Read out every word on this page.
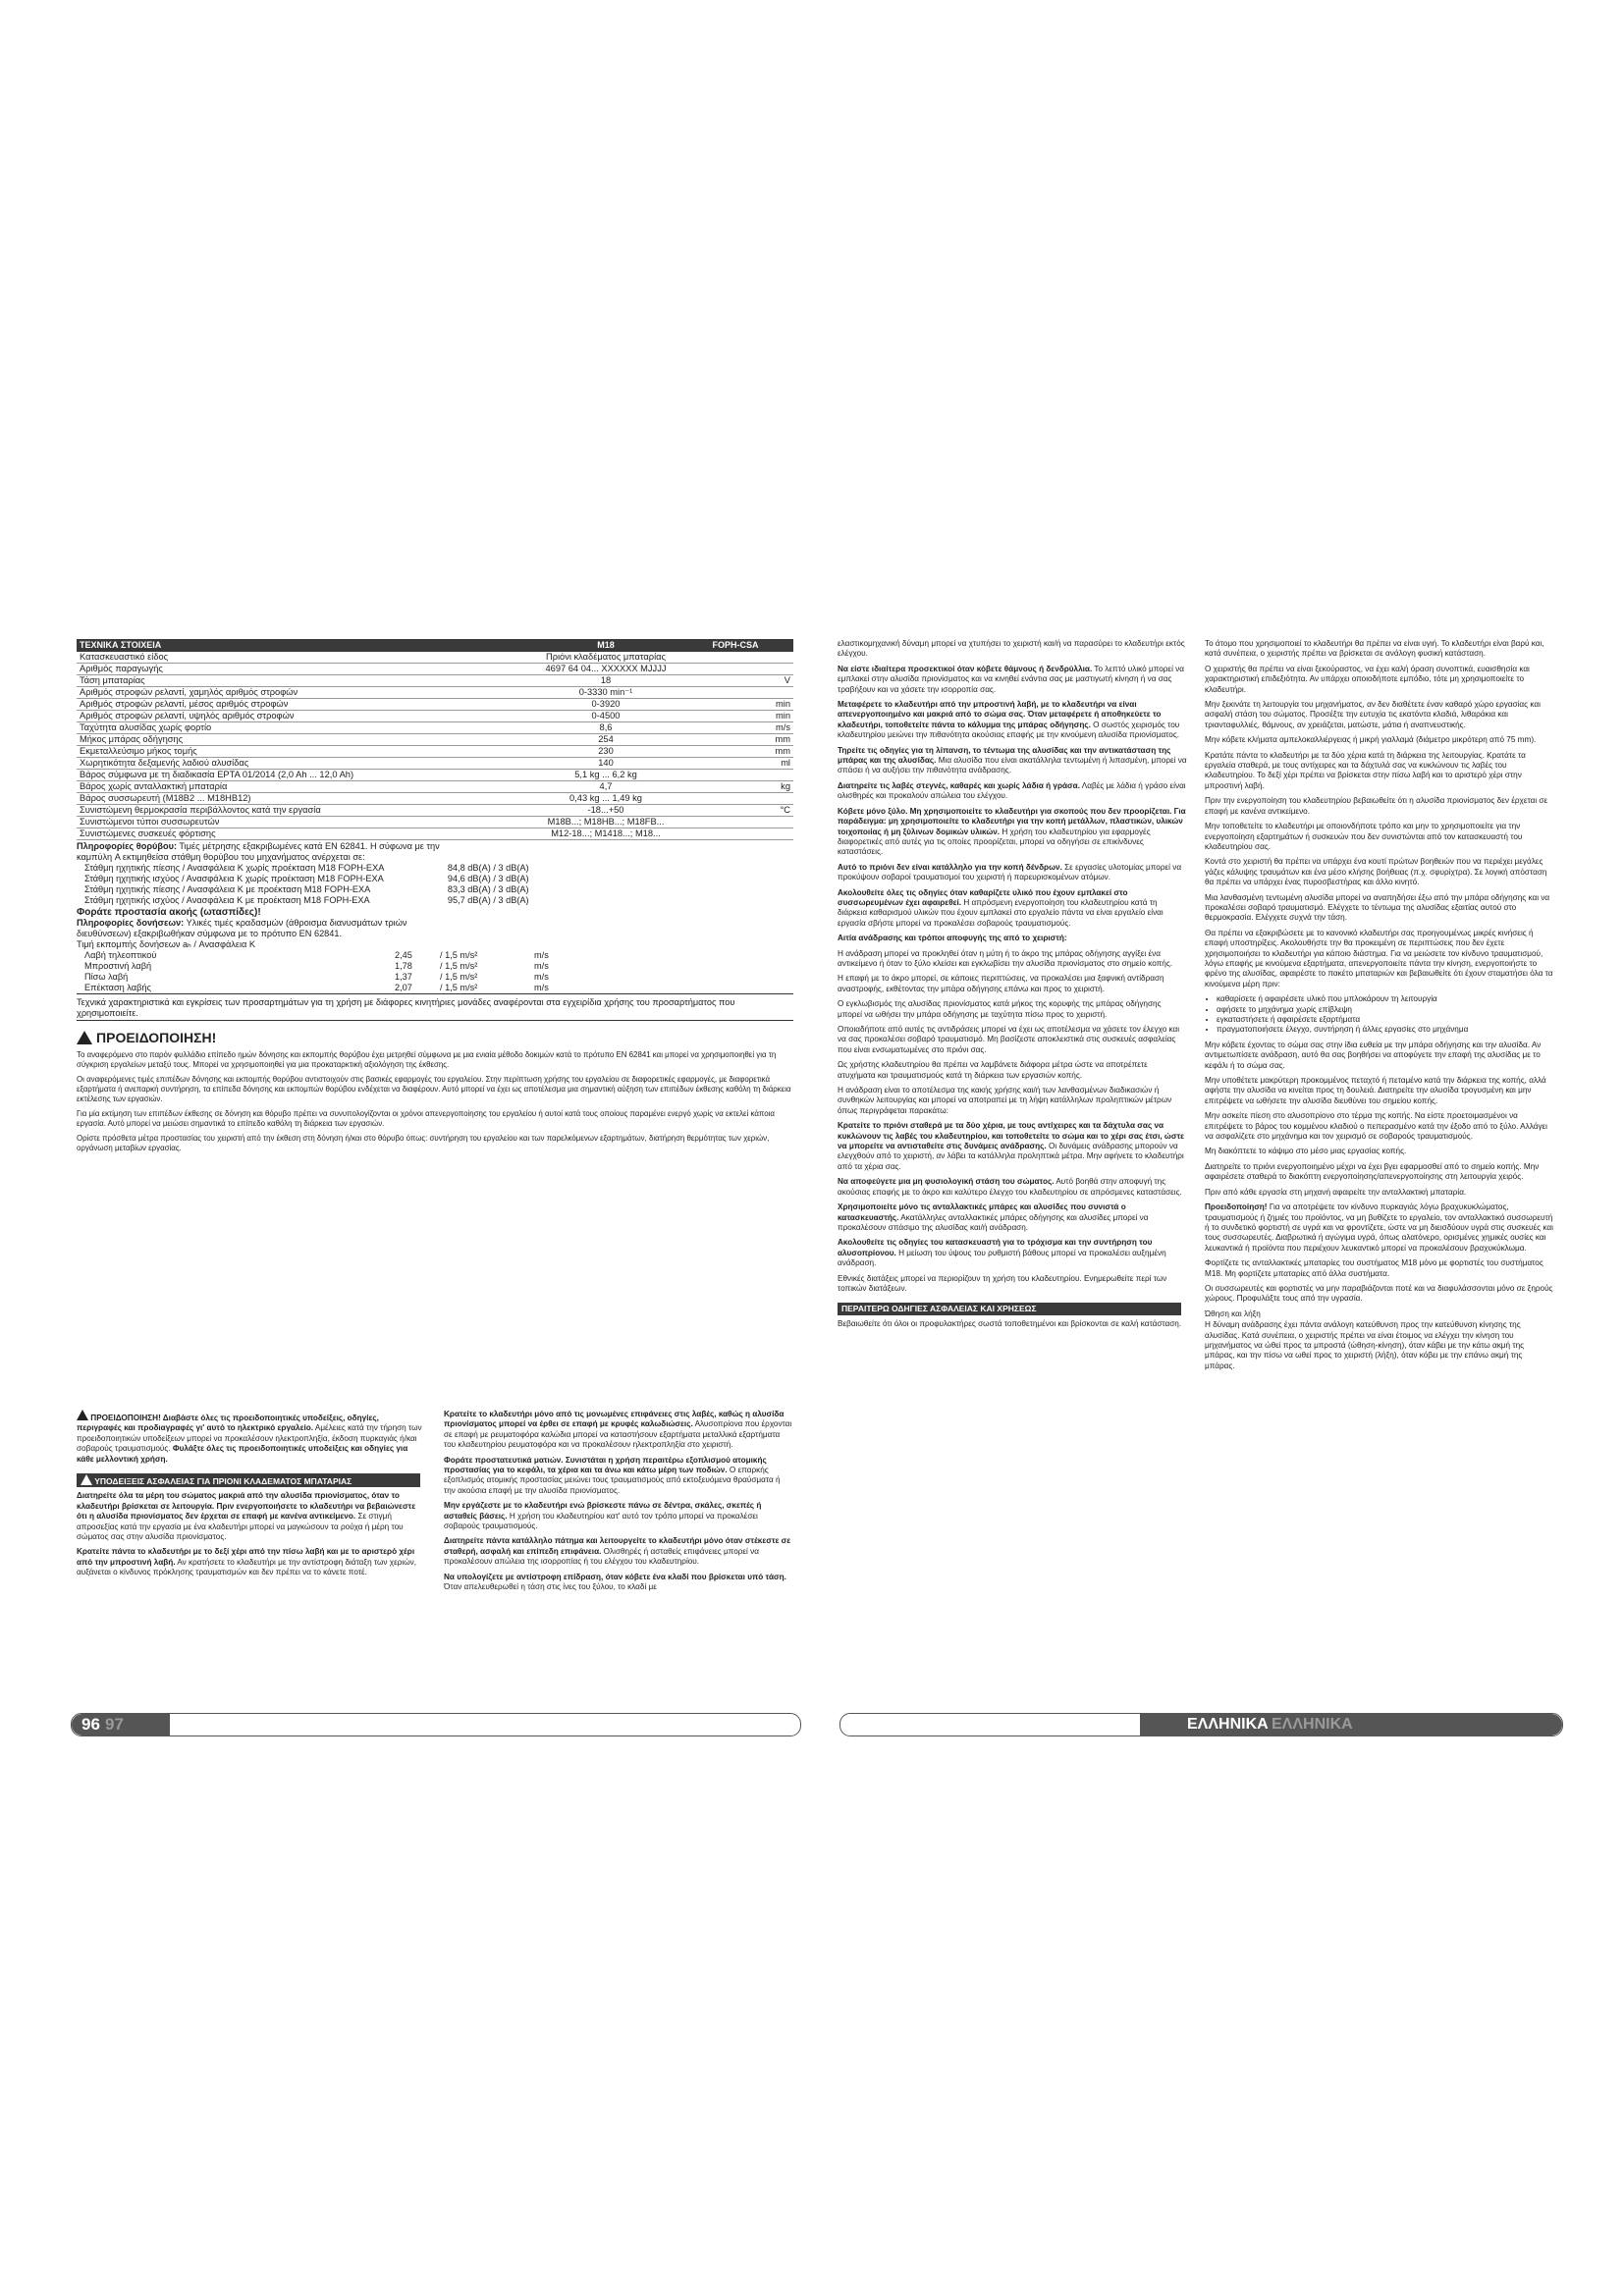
ΤΕΧΝΙΚΑ ΣΤΟΙΧΕΙΑ	M18	FOPH-CSA
Κατασκευαστικό είδος	Πριόνι κλαδέματος μπαταρίας	
Αριθμός παραγωγής	4697 64 04... XXXXXX MJJJJ	
Τάση μπαταρίας	18	V
Αριθμός στροφών ρελαντί, χαμηλός αριθμός στροφών	0-3330 min⁻¹	
Αριθμός στροφών ρελαντί, μέσος αριθμός στροφών	0-3920	min
Αριθμός στροφών ρελαντί, υψηλός αριθμός στροφών	0-4500	min
Ταχύτητα αλυσίδας χωρίς φορτίο	8,6	m/s
Μήκος μπάρας οδήγησης	254	mm
Εκμεταλλεύσιμο μήκος τομής	230	mm
Χωρητικότητα δεξαμενής λαδιού αλυσίδας	140	ml
Βάρος σύμφωνα με τη διαδικασία EPTA 01/2014 (2,0 Ah ... 12,0 Ah)	5,1 kg ... 6,2 kg	
Βάρος χωρίς ανταλλακτική μπαταρία	4,7	kg
Βάρος συσσωρευτή (M18B2 ... M18HB12)	0,43 kg ... 1,49 kg	
Συνιστώμενη θερμοκρασία περιβάλλοντος κατά την εργασία	-18...+50	°C
Συνιστώμενοι τύποι συσσωρευτών	M18B...; M18HB...; M18FB...	
Συνιστώμενες συσκευές φόρτισης	M12-18...; M1418...; M18...	
Πληροφορίες θορύβου: Τιμές μέτρησης εξακριβωμένες κατά EN 62841. Η σύφωνα με την καμπύλη A εκτιμηθείσα στάθμη θορύβου του μηχανήματος ανέρχεται σε:
Στάθμη ηχητικής πίεσης / Ανασφάλεια K χωρίς προέκταση M18 FOPH-EXA	84,8 dB(A) / 3 dB(A)
Στάθμη ηχητικής ισχύος / Ανασφάλεια K χωρίς προέκταση M18 FOPH-EXA	94,6 dB(A) / 3 dB(A)
Στάθμη ηχητικής πίεσης / Ανασφάλεια K με προέκταση M18 FOPH-EXA	83,3 dB(A) / 3 dB(A)
Στάθμη ηχητικής ισχύος / Ανασφάλεια K με προέκταση M18 FOPH-EXA	95,7 dB(A) / 3 dB(A)
Φοράτε προστασία ακοής (ωτασπίδες)!
Πληροφορίες δονήσεων: Υλικές τιμές κραδασμών (άθροισμα διανυσμάτων τριών διευθύνσεων) εξακριβωθήκαν σύμφωνα με το πρότυπο EN 62841.
Τιμή εκπομπής δονήσεων aₕ / Ανασφάλεια K
Λαβή τηλεοπτικού	2,45	/ 1,5 m/s²	m/s
Μπροστινή λαβή	1,78	/ 1,5 m/s²	m/s
Πίσω λαβή	1,37	/ 1,5 m/s²	m/s
Επέκταση λαβής	2,07	/ 1,5 m/s²	m/s
Τεχνικά χαρακτηριστικά και εγκρίσεις των προσαρτημάτων για τη χρήση με διάφορες κινητήριες μονάδες αναφέρονται στα εγχειρίδια χρήσης του προσαρτήματος που χρησιμοποιείτε.
ΠΡΟΕΙΔΟΠΟΙΗΣΗ!

Το αναφερόμενο στο παρόν φυλλάδιο επίπεδο ημών δόνησης και εκπομπής θορύβου έχει μετρηθεί σύμφωνα με μια ενιαία μέθοδο δοκιμών κατά το πρότυπο EN 62841 και μπορεί να χρησιμοποιηθεί για τη σύγκριση εργαλείων μεταξύ τους. Μπορεί να χρησιμοποιηθεί για μια προκαταρκτική αξιολόγηση της έκθεσης.

Οι αναφερόμενες τιμές επιπέδων δόνησης και εκπομπής θορύβου αντιστοιχούν στις βασικές εφαρμογές του εργαλείου. Στην περίπτωση χρήσης του εργαλείου σε διαφορετικές εφαρμογές, με διαφορετικά εξαρτήματα ή ανεπαρκή συντήρηση, τα επίπεδα δόνησης και εκπομπών θορύβου ενδέχεται να διαφέρουν. Αυτό μπορεί να έχει ως αποτέλεσμα μια σημαντική αύξηση των επιπέδων έκθεσης καθόλη τη διάρκεια εκτέλεσης των εργασιών.

Για μία εκτίμηση των επιπέδων έκθεσης σε δόνηση και θόρυβο πρέπει να συνυπολογίζονται οι χρόνοι απενεργοποίησης του εργαλείου ή αυτοί κατά τους οποίους παραμένει ενεργό χωρίς να εκτελεί κάποια εργασία. Αυτό μπορεί να μειώσει σημαντικά το επίπεδο καθόλη τη διάρκεια των εργασιών.

Ορίστε πρόσθετα μέτρα προστασίας του χειριστή από την έκθεση στη δόνηση ή/και στο θόρυβο όπως: συντήρηση του εργαλείου και των παρελκόμενων εξαρτημάτων, διατήρηση θερμότητας των χεριών, οργάνωση μεταβίων εργασίας.

ΠΡΟΕΙΔΟΠΟΙΗΣΗ! Διαβάστε όλες τις προειδοποιητικές υποδείξεις, οδηγίες, περιγραφές και προδιαγραφές γι' αυτό το ηλεκτρικό εργαλείο. Αμέλειες κατά την τήρηση των προειδοποιητικών υποδείξεων μπορεί να προκαλέσουν ηλεκτροπληξία, έκδοση πυρκαγιάς ή/και σοβαρούς τραυματισμούς. Φυλάξτε όλες τις προειδοποιητικές υποδείξεις και οδηγίες για κάθε μελλοντική χρήση.

ΥΠΟΔΕΙΞΕΙΣ ΑΣΦΑΛΕΙΑΣ ΓΙΑ ΠΡΙΟΝΙ ΚΛΑΔΕΜΑΤΟΣ ΜΠΑΤΑΡΙΑΣ

Διατηρείτε όλα τα μέρη του σώματος μακριά από την αλυσίδα πριονίσματος, όταν το κλαδευτήρι βρίσκεται σε λειτουργία. Πριν ενεργοποιήσετε το κλαδευτήρι να βεβαιώνεστε ότι η αλυσίδα πριονίσματος δεν έρχεται σε επαφή με κανένα αντικείμενο. Σε στιγμή απροσεξίας κατά την εργασία με ένα κλαδευτήρι μπορεί να μαγκώσουν τα ρούχα ή μέρη του σώματος σας στην αλυσίδα πριονίσματος.

Κρατείτε πάντα το κλαδευτήρι με το δεξί χέρι από την πίσω λαβή και με το αριστερό χέρι από την μπροστινή λαβή. Αν κρατήσετε το κλαδευτήρι με την αντίστροφη διάταξη των χεριών, αυξάνεται ο κίνδυνος πρόκλησης τραυματισμών και δεν πρέπει να το κάνετε ποτέ.

Κρατείτε το κλαδευτήρι μόνο από τις μονωμένες επιφάνειες στις λαβές, καθώς η αλυσίδα πριονίσματος μπορεί να έρθει σε επαφή με κρυφές καλωδιώσεις. Αλυσοπρίονα που έρχονται σε επαφή με ρευματοφόρα καλώδια μπορεί να καταστήσουν εξαρτήματα μεταλλικά εξαρτήματα του κλαδευτηρίου ρευματοφόρα και να προκαλέσουν ηλεκτροπληξία στο χειριστή.

Φοράτε προστατευτικά ματιών. Συνιστάται η χρήση περαιτέρω εξοπλισμού ατομικής προστασίας για το κεφάλι, τα χέρια και τα άνω και κάτω μέρη των ποδιών. Ο επαρκής εξοπλισμός ατομικής προστασίας μειώνει τους τραυματισμούς από εκτοξευόμενα θραύσματα ή την ακούσια επαφή με την αλυσίδα πριονίσματος.

Μην εργάζεστε με το κλαδευτήρι ενώ βρίσκεστε πάνω σε δέντρα, σκάλες, σκεπές ή ασταθείς βάσεις. Η χρήση του κλαδευτηρίου κατ' αυτό τον τρόπο μπορεί να προκαλέσει σοβαρούς τραυματισμούς.

Διατηρείτε πάντα κατάλληλο πάτημα και λειτουργείτε το κλαδευτήρι μόνο όταν στέκεστε σε σταθερή, ασφαλή και επίπεδη επιφάνεια. Ολισθηρές ή ασταθείς επιφάνειες μπορεί να προκαλέσουν απώλεια της ισορροπίας ή του ελέγχου του κλαδευτηρίου.

Να υπολογίζετε με αντίστροφη επίδραση, όταν κόβετε ένα κλαδί που βρίσκεται υπό τάση. Όταν απελευθερωθεί η τάση στις ίνες του ξύλου, το κλαδί με

96 97

ελαστικομηχανική δύναμη μπορεί να χτυπήσει το χειριστή και/ή να παρασύρει το κλαδευτήρι εκτός ελέγχου.

Να είστε ιδιαίτερα προσεκτικοί όταν κόβετε θάμνους ή δενδρύλλια. Το λεπτό υλικό μπορεί να εμπλακεί στην αλυσίδα πριονίσματος και να κινηθεί ενάντια σας με μαστιγωτή κίνηση ή να σας τραβήξουν και να χάσετε την ισορροπία σας.

Μεταφέρετε το κλαδευτήρι από την μπροστινή λαβή, με το κλαδευτήρι να είναι απενεργοποιημένο και μακριά από το σώμα σας. Όταν μεταφέρετε ή αποθηκεύετε το κλαδευτήρι, τοποθετείτε πάντα το κάλυμμα της μπάρας οδήγησης. Ο σωστός χειρισμός του κλαδευτηρίου μειώνει την πιθανότητα ακούσιας επαφής με την κινούμενη αλυσίδα πριονίσματος.

Τηρείτε τις οδηγίες για τη λίπανση, το τέντωμα της αλυσίδας και την αντικατάσταση της μπάρας και της αλυσίδας. Μια αλυσίδα που είναι ακατάλληλα τεντωμένη ή λιπασμένη, μπορεί να σπάσει ή να αυξήσει την πιθανότητα ανάδρασης.

Διατηρείτε τις λαβές στεγνές, καθαρές και χωρίς λάδια ή γράσα. Λαβές με λάδια ή γράσο είναι ολισθηρές και προκαλούν απώλεια του ελέγχου.

Κόβετε μόνο ξύλο. Μη χρησιμοποιείτε το κλαδευτήρι για σκοπούς που δεν προορίζεται. Για παράδειγμα: μη χρησιμοποιείτε το κλαδευτήρι για την κοπή μετάλλων, πλαστικών, υλικών τοιχοποιίας ή μη ξύλινων δομικών υλικών. Η χρήση του κλαδευτηρίου για εφαρμογές διαφορετικές από αυτές για τις οποίες προορίζεται, μπορεί να οδηγήσει σε επικίνδυνες καταστάσεις.

Αυτό το πριόνι δεν είναι κατάλληλο για την κοπή δένδρων. Σε εργασίες υλοτομίας μπορεί να προκύψουν σοβαροί τραυματισμοί του χειριστή ή παρευρισκομένων ατόμων.

Ακολουθείτε όλες τις οδηγίες όταν καθαρίζετε υλικό που έχουν εμπλακεί στο συσσωρευμένων έχει αφαιρεθεί. Η απρόσμενη ενεργοποίηση του κλαδευτηρίου κατά τη διάρκεια καθαρισμού υλικών που έχουν εμπλακεί στο εργαλείο πάντα να είναι εργαλείο είναι εργασία σβήστε μπορεί να προκαλέσει σοβαρούς τραυματισμούς.

Αιτία ανάδρασης και τρόποι αποφυγής της από το χειριστή:

Η ανάδραση μπορεί να προκληθεί όταν η μύτη ή το άκρο της μπάρας οδήγησης αγγίξει ένα αντικείμενο ή όταν το ξύλο κλείσει και εγκλωβίσει την αλυσίδα πριονίσματος στο σημείο κοπής.

Η επαφή με το άκρο μπορεί, σε κάποιες περιπτώσεις, να προκαλέσει μια ξαφνική αντίδραση αναστροφής, εκθέτοντας την μπάρα οδήγησης επάνω και προς το χειριστή.

Ο εγκλωβισμός της αλυσίδας πριονίσματος κατά μήκος της κορυφής της μπάρας οδήγησης μπορεί να ωθήσει την μπάρα οδήγησης με ταχύτητα πίσω προς το χειριστή.

Οποιαδήποτε από αυτές τις αντιδράσεις μπορεί να έχει ως αποτέλεσμα να χάσετε τον έλεγχο και να σας προκαλέσει σοβαρό τραυματισμό. Μη βασίζεστε αποκλειστικά στις συσκευές ασφαλείας που είναι ενσωματωμένες στο πριόνι σας.

Ως χρήστης κλαδευτηρίου θα πρέπει να λαμβάνετε διάφορα μέτρα ώστε να αποτρέπετε ατυχήματα και τραυματισμούς κατά τη διάρκεια των εργασιών κοπής.

Η ανάδραση είναι το αποτέλεσμα της κακής χρήσης και/ή των λανθασμένων διαδικασιών ή συνθηκών λειτουργίας και μπορεί να αποτραπεί με τη λήψη κατάλληλων προληπτικών μέτρων όπως περιγράφεται παρακάτω:

Κρατείτε το πριόνι σταθερά με τα δύο χέρια, με τους αντίχειρες και τα δάχτυλα σας να κυκλώνουν τις λαβές του κλαδευτηρίου, και τοποθετείτε το σώμα και το χέρι σας έτσι, ώστε να μπορείτε να αντισταθείτε στις δυνάμεις ανάδρασης. Οι δυνάμεις ανάδρασης μπορούν να ελεγχθούν από το χειριστή, αν λάβει τα κατάλληλα προληπτικά μέτρα. Μην αφήνετε το κλαδευτήρι από τα χέρια σας.

Να αποφεύγετε μια μη φυσιολογική στάση του σώματος. Αυτό βοηθά στην αποφυγή της ακούσιας επαφής με το άκρο και καλύτερο έλεγχο του κλαδευτηρίου σε απρόσμενες καταστάσεις.

Χρησιμοποιείτε μόνο τις ανταλλακτικές μπάρες και αλυσίδες που συνιστά ο κατασκευαστής. Ακατάλληλες ανταλλακτικές μπάρες οδήγησης και αλυσίδες μπορεί να προκαλέσουν σπάσιμο της αλυσίδας και/ή ανάδραση.

Ακολουθείτε τις οδηγίες του κατασκευαστή για το τρόχισμα και την συντήρηση του αλυσοπρίονου. Η μείωση του ύψους του ρυθμιστή βάθους μπορεί να προκαλέσει αυξημένη ανάδραση.

Εθνικές διατάξεις μπορεί να περιορίζουν τη χρήση του κλαδευτηρίου. Ενημερωθείτε περί των τοπικών διατάξεων.

ΠΕΡΑΙΤΕΡΩ ΟΔΗΓΙΕΣ ΑΣΦΑΛΕΙΑΣ ΚΑΙ ΧΡΗΣΕΩΣ

Βεβαιωθείτε ότι όλοι οι προφυλακτήρες σωστά τοποθετημένοι και βρίσκονται σε καλή κατάσταση.

Το άτομο που χρησιμοποιεί το κλαδευτήρι θα πρέπει να είναι υγιή. Το κλαδευτήρι είναι βαρύ και, κατά συνέπεια, ο χειριστής πρέπει να βρίσκεται σε ανάλογη φυσική κατάσταση.

Ο χειριστής θα πρέπει να είναι ξεκούραστος, να έχει καλή όραση συνοπτικά, ευαισθησία και χαρακτηριστική επιδεξιότητα. Αν υπάρχει οποιοδήποτε εμπόδιο, τότε μη χρησιμοποιείτε το κλαδευτήρι.

Μην ξεκινάτε τη λειτουργία του μηχανήματος, αν δεν διαθέτετε έναν καθαρό χώρο εργασίας και ασφαλή στάση του σώματος. Προσέξτε την ευτυχία τις εκατόντα κλαδιά, λιθαράκια και τριανταφυλλιές, θάμνους, αν χρειάζεται, ματώστε, μάτια ή αναπνευστικής.

Μην κόβετε κλήματα αμπελοκαλλιέργειας ή μικρή γιαλλαμά (διάμετρο μικρότερη από 75 mm).

Κρατάτε πάντα το κλαδευτήρι με τα δύο χέρια κατά τη διάρκεια της λειτουργίας. Κρατάτε τα εργαλεία σταθερά, με τους αντίχειρες και τα δάχτυλά σας να κυκλώνουν τις λαβές του κλαδευτηρίου. Το δεξί χέρι πρέπει να βρίσκεται στην πίσω λαβή και το αριστερό χέρι στην μπροστινή λαβή.

Πριν την ενεργοποίηση του κλαδευτηρίου βεβαιωθείτε ότι η αλυσίδα πριονίσματος δεν έρχεται σε επαφή με κανένα αντικείμενο.

Μην τοποθετείτε το κλαδευτήρι με οποιονδήποτε τρόπο και μην το χρησιμοποιείτε για την ενεργοποίηση εξαρτημάτων ή συσκευών που δεν συνιστώνται από τον κατασκευαστή του κλαδευτηρίου σας.

Κοντά στο χειριστή θα πρέπει να υπάρχει ένα κουτί πρώτων βοηθειών που να περιέχει μεγάλες γάζες κάλυψης τραυμάτων και ένα μέσο κλήσης βοήθειας (π.χ. σφυρίχτρα). Σε λογική απόσταση θα πρέπει να υπάρχει ένας πυροσβεστήρας και άλλο κινητό.

Μια λανθασμένη τεντωμένη αλυσίδα μπορεί να αναπηδήσει έξω από την μπάρα οδήγησης και να προκαλέσει σοβαρό τραυματισμό. Ελέγχετε το τέντωμα της αλυσίδας εξαιτίας αυτού στο θερμοκρασία. Ελέγχετε συχνά την τάση.

Θα πρέπει να εξακριβώσετε με το κανονικό κλαδευτήρι σας προηγουμένως μικρές κινήσεις ή επαφή υποστηρίξεις. Ακολουθήστε την θα προκειμένη σε περιπτώσεις που δεν έχετε χρησιμοποιήσει το κλαδευτήρι για κάποιο διάστημα. Για να μειώσετε τον κίνδυνο τραυματισμού, λόγω επαφής με κινούμενα εξαρτήματα, απενεργοποιείτε πάντα την κίνηση, ενεργοποιήστε το φρένο της αλυσίδας, αφαιρέστε το πακέτο μπαταριών και βεβαιωθείτε ότι έχουν σταματήσει όλα τα κινούμενα μέρη πριν:

• καθαρίσετε ή αφαιρέσετε υλικό που μπλοκάρουν τη λειτουργία
• αφήσετε το μηχάνημα χωρίς επίβλεψη
• εγκαταστήσετε ή αφαιρέσετε εξαρτήματα
• πραγματοποιήσετε έλεγχο, συντήρηση ή άλλες εργασίες στο μηχάνημα

Μην κόβετε έχοντας το σώμα σας στην ίδια ευθεία με την μπάρα οδήγησης και την αλυσίδα. Αν αντιμετωπίσετε ανάδραση, αυτό θα σας βοηθήσει να αποφύγετε την επαφή της αλυσίδας με το κεφάλι ή το σώμα σας.

Μην υποθέτετε μακρύτερη προκομμένος πεταχτό ή πεταμένο κατά την διάρκεια της κοπής, αλλά αφήστε την αλυσίδα να κινείται προς τη δουλειά. Διατηρείτε την αλυσίδα τρογυσμένη και μην επιτρέψετε να ωθήσετε την αλυσίδα διευθύνει του σημείου κοπής.

Μην ασκείτε πίεση στο αλυσοπρίονο στο τέρμα της κοπής. Να είστε προετοιμασμένοι να επιτρέψετε το βάρος του κομμένου κλαδιού ο πεπερασμένο κατά την έξοδο από το ξύλο. Αλλάγει να ασφαλίζετε στο μηχάνημα και τον χειρισμό σε σοβαρούς τραυματισμούς.

Μη διακόπτετε το κάψιμο στο μέσο μιας εργασίας κοπής.

Διατηρείτε το πριόνι ενεργοποιημένο μέχρι να έχει βγει εφαρμοσθεί από το σημείο κοπής. Μην αφαιρέσετε σταθερά το διακόπτη ενεργοποίησης/απενεργοποίησης στη λειτουργία χειρός.

Πριν από κάθε εργασία στη μηχανή αφαιρείτε την ανταλλακτική μπαταρία.

Προειδοποίηση! Για να αποτρέψετε τον κίνδυνο πυρκαγιάς λόγω βραχυκυκλώματος, τραυματισμούς ή ζημιές του προϊόντος, να μη βυθίζετε το εργαλείο, τον ανταλλακτικό συσσωρευτή ή το συνδετικό φορτιστή σε υγρά και να φροντίζετε, ώστε να μη διεισδύουν υγρά στις συσκευές και τους συσσωρευτές. Διαβρωτικά ή αγώγιμα υγρά, όπως αλατόνερο, ορισμένες χημικές ουσίες και λευκαντικά ή προϊόντα που περιέχουν λευκαντικό μπορεί να προκαλέσουν βραχυκύκλωμα.

Φορτίζετε τις ανταλλακτικές μπαταρίες του συστήματος M18 μόνο με φορτιστές του συστήματος M18. Μη φορτίζετε μπαταρίες από άλλα συστήματα.

Οι συσσωρευτές και φορτιστές να μην παραβιάζονται ποτέ και να διαφυλάσσονται μόνο σε ξηρούς χώρους. Προφυλάξτε τους από την υγρασία.

Ώθηση και λήξη

Η δύναμη ανάδρασης έχει πάντα ανάλογη κατεύθυνση προς την κατεύθυνση κίνησης της αλυσίδας. Κατά συνέπεια, ο χειριστής πρέπει να είναι έτοιμος να ελέγχει την κίνηση του μηχανήματος να ώθεί προς τα μπροστά (ώθηση-κίνηση), όταν κάβει με την κάτω ακμή της μπάρας, και την πίσω να ωθεί προς το χειριστή (λήξη), όταν κόβει με την επάνω ακμή της μπάρας.

ΕΛΛΗΝΙΚΑ ΕΛΛΗΝΙΚΑ
